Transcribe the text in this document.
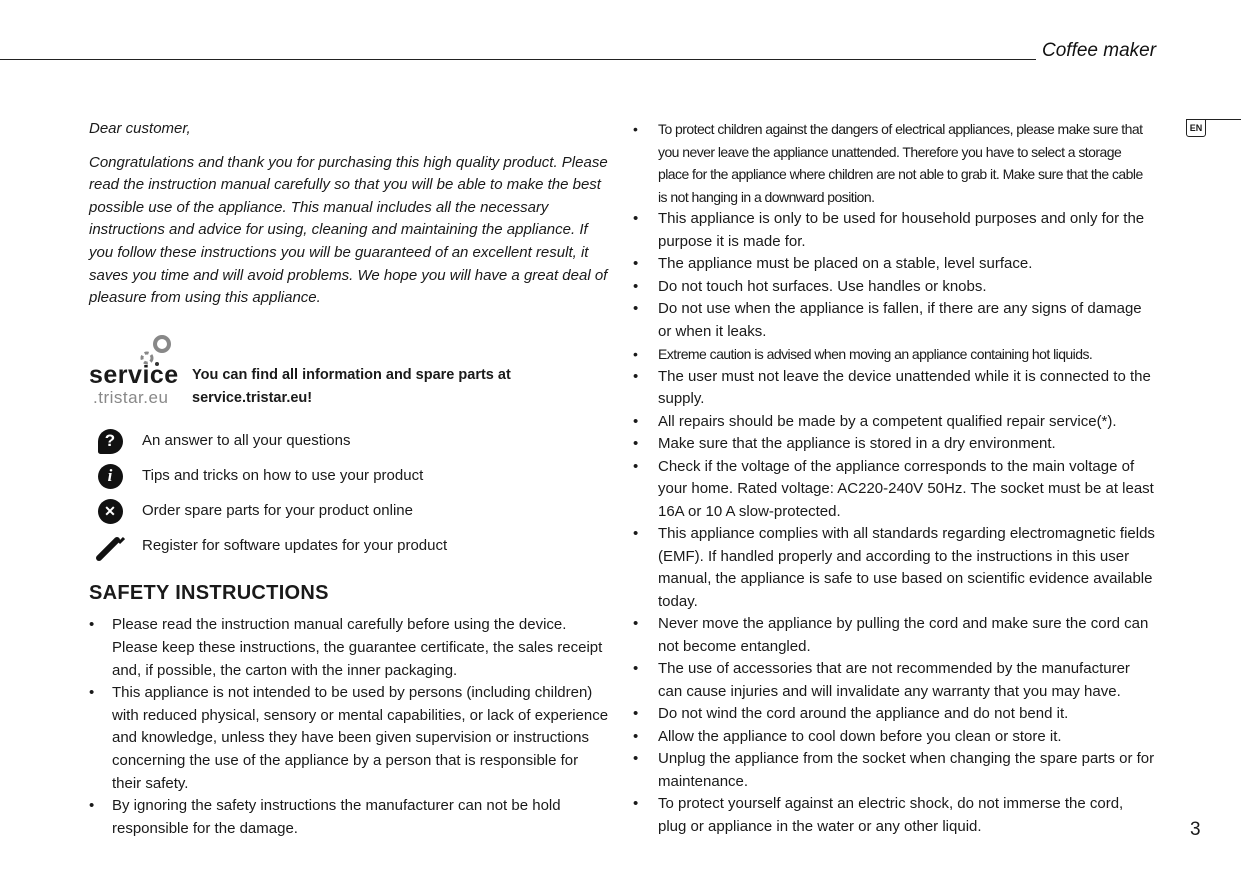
Coffee maker
EN

Dear customer,

Congratulations and thank you for purchasing this high quality product. Please read the instruction manual carefully so that you will be able to make the best possible use of the appliance. This manual includes all the necessary instructions and advice for using, cleaning and maintaining the appliance. If you follow these instructions you will be guaranteed of an excellent result, it saves you time and will avoid problems. We hope you will have a great deal of pleasure from using this appliance.

service
.tristar.eu
You can find all information and spare parts at service.tristar.eu!
?	An answer to all your questions
i	Tips and tricks on how to use your product
✕	Order spare parts for your product online
Register for software updates for your product
SAFETY INSTRUCTIONS
• Please read the instruction manual carefully before using the device. Please keep these instructions, the guarantee certificate, the sales receipt and, if possible, the carton with the inner packaging.
• This appliance is not intended to be used by persons (including children) with reduced physical, sensory or mental capabilities, or lack of experience and knowledge, unless they have been given supervision or instructions concerning the use of the appliance by a person that is responsible for their safety.
• By ignoring the safety instructions the manufacturer can not be hold responsible for the damage.
• To protect children against the dangers of electrical appliances, please make sure that you never leave the appliance unattended. Therefore you have to select a storage place for the appliance where children are not able to grab it. Make sure that the cable is not hanging in a downward position.
• This appliance is only to be used for household purposes and only for the purpose it is made for.
• The appliance must be placed on a stable, level surface.
• Do not touch hot surfaces. Use handles or knobs.
• Do not use when the appliance is fallen, if there are any signs of damage or when it leaks.
• Extreme caution is advised when moving an appliance containing hot liquids.
• The user must not leave the device unattended while it is connected to the supply.
• All repairs should be made by a competent qualified repair service(*).
• Make sure that the appliance is stored in a dry environment.
• Check if the voltage of the appliance corresponds to the main voltage of your home. Rated voltage: AC220-240V 50Hz. The socket must be at least 16A or 10 A slow-protected.
• This appliance complies with all standards regarding electromagnetic fields (EMF). If handled properly and according to the instructions in this user manual, the appliance is safe to use based on scientific evidence available today.
• Never move the appliance by pulling the cord and make sure the cord can not become entangled.
• The use of accessories that are not recommended by the manufacturer can cause injuries and will invalidate any warranty that you may have.
• Do not wind the cord around the appliance and do not bend it.
• Allow the appliance to cool down before you clean or store it.
• Unplug the appliance from the socket when changing the spare parts or for maintenance.
• To protect yourself against an electric shock, do not immerse the cord, plug or appliance in the water or any other liquid.	3
